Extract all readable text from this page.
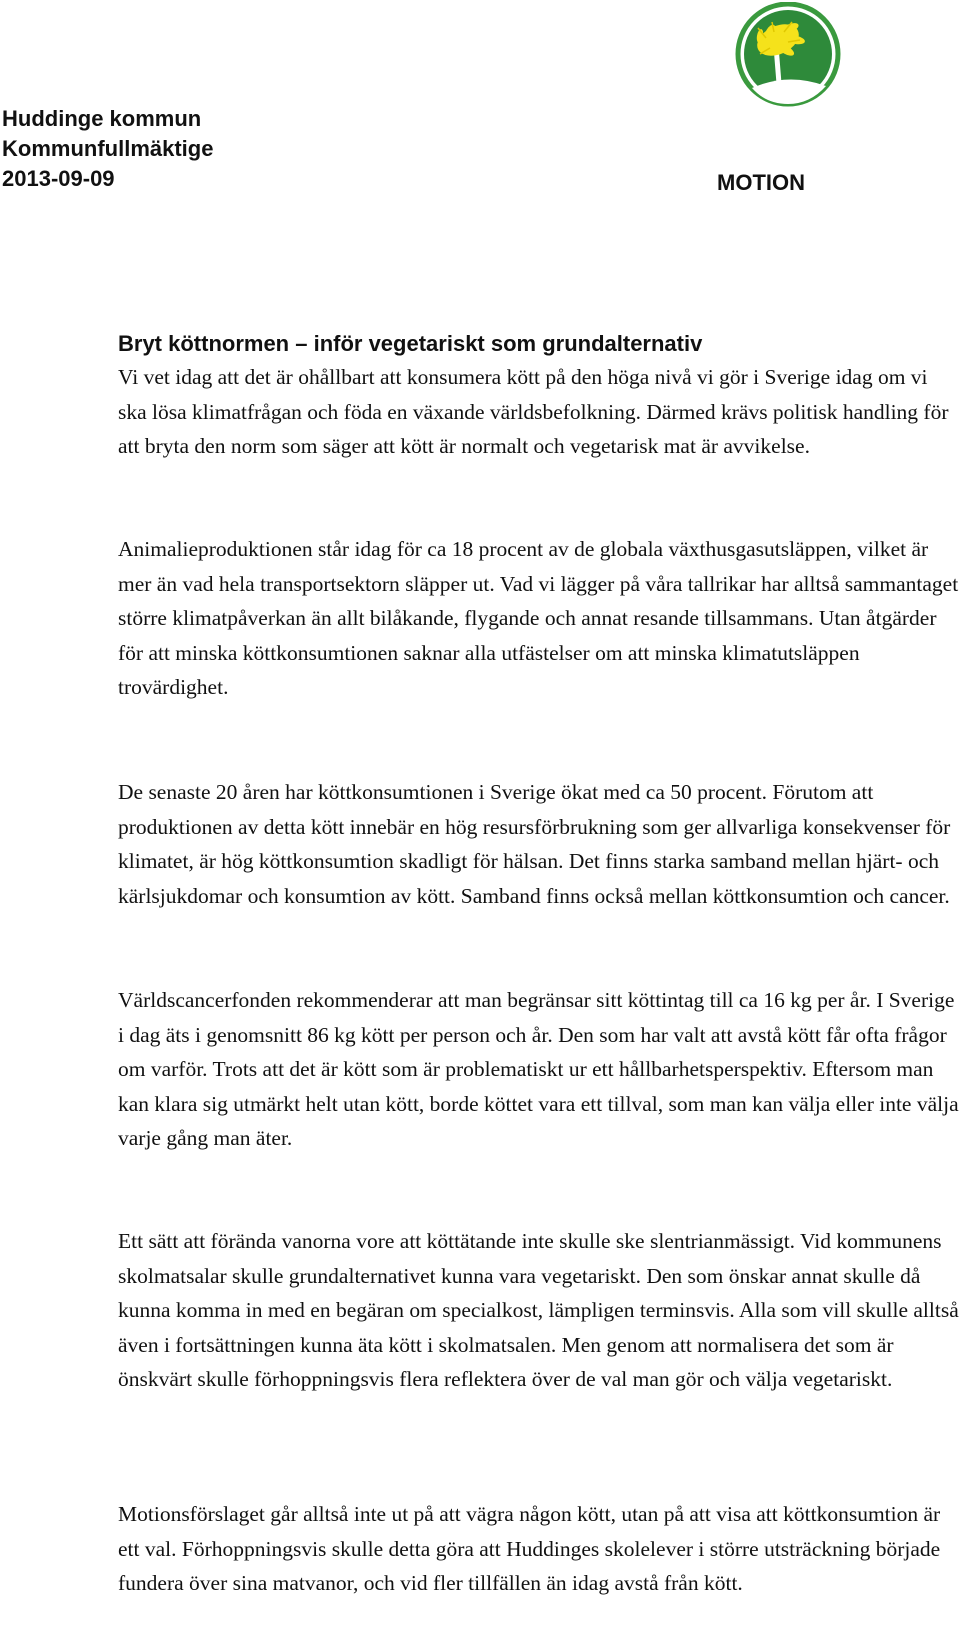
Huddinge kommun
Kommunfullmäktige
2013-09-09	MOTION
Bryt köttnormen – inför vegetariskt som grundalternativ

Vi vet idag att det är ohållbart att konsumera kött på den höga nivå vi gör i Sverige idag om vi ska lösa klimatfrågan och föda en växande världsbefolkning. Därmed krävs politisk handling för att bryta den norm som säger att kött är normalt och vegetarisk mat är avvikelse.

Animalieproduktionen står idag för ca 18 procent av de globala växthusgasutsläppen, vilket är mer än vad hela transportsektorn släpper ut. Vad vi lägger på våra tallrikar har alltså sammantaget större klimatpåverkan än allt bilåkande, flygande och annat resande tillsammans. Utan åtgärder för att minska köttkonsumtionen saknar alla utfästelser om att minska klimatutsläppen trovärdighet.

De senaste 20 åren har köttkonsumtionen i Sverige ökat med ca 50 procent. Förutom att produktionen av detta kött innebär en hög resursförbrukning som ger allvarliga konsekvenser för klimatet, är hög köttkonsumtion skadligt för hälsan. Det finns starka samband mellan hjärt- och kärlsjukdomar och konsumtion av kött. Samband finns också mellan köttkonsumtion och cancer.

Världscancerfonden rekommenderar att man begränsar sitt köttintag till ca 16 kg per år. I Sverige i dag äts i genomsnitt 86 kg kött per person och år. Den som har valt att avstå kött får ofta frågor om varför. Trots att det är kött som är problematiskt ur ett hållbarhetsperspektiv. Eftersom man kan klara sig utmärkt helt utan kött, borde köttet vara ett tillval, som man kan välja eller inte välja varje gång man äter.

Ett sätt att förända vanorna vore att köttätande inte skulle ske slentrianmässigt. Vid kommunens skolmatsalar skulle grundalternativet kunna vara vegetariskt. Den som önskar annat skulle då kunna komma in med en begäran om specialkost, lämpligen terminsvis. Alla som vill skulle alltså även i fortsättningen kunna äta kött i skolmatsalen. Men genom att normalisera det som är önskvärt skulle förhoppningsvis flera reflektera över de val man gör och välja vegetariskt.

Motionsförslaget går alltså inte ut på att vägra någon kött, utan på att visa att köttkonsumtion är ett val. Förhoppningsvis skulle detta göra att Huddinges skolelever i större utsträckning började fundera över sina matvanor, och vid fler tillfällen än idag avstå från kött.
